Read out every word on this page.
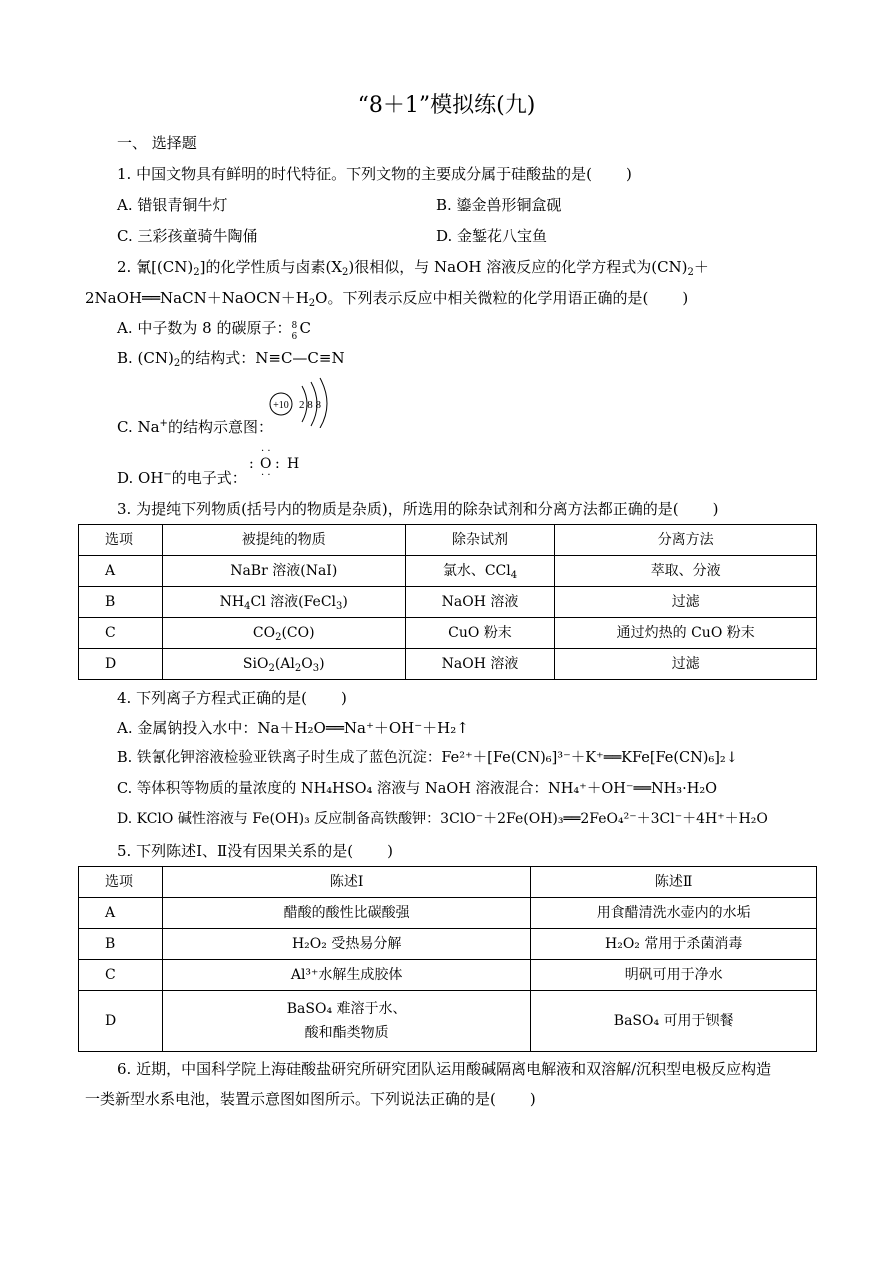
“8＋1”模拟练(九)
一、 选择题
1. 中国文物具有鲜明的时代特征。下列文物的主要成分属于硅酸盐的是( )
A. 错银青铜牛灯	B. 鎏金兽形铜盒砚
C. 三彩孩童骑牛陶俑	D. 金錾花八宝鱼
2. 氰$[(CN)_2]$的化学性质与卤素$(X_2)$很相似，与 NaOH 溶液反应的化学方程式为$(CN)_2+$
$2NaOH══NaCN+NaOCN+H_2O$。下列表示反应中相关微粒的化学用语正确的是( )
A. 中子数为 8 的碳原子： 8
6 C
B. $(CN)_2$的结构式：N≡C—C≡N
C. Na+的结构示意图：
+10 2 8 8
D. OH−的电子式：
· ·
: O : H
· ·
3. 为提纯下列物质(括号内的物质是杂质)，所选用的除杂试剂和分离方法都正确的是( )
选项	被提纯的物质	除杂试剂	分离方法
A	NaBr 溶液(NaI)	氯水、CCl$_4$	萃取、分液
B	$NH_4Cl$ 溶液(FeCl$_3$)	NaOH 溶液	过滤
C	$CO_2(CO)$	CuO 粉末	通过灼热的 CuO 粉末
D	$SiO_2(Al_2O_3)$	NaOH 溶液	过滤
4. 下列离子方程式正确的是( )
A. 金属钠投入水中：Na＋H₂O══Na⁺＋OH⁻＋H₂↑
B. 铁氰化钾溶液检验亚铁离子时生成了蓝色沉淀：Fe²⁺＋[Fe(CN)₆]³⁻＋K⁺══KFe[Fe(CN)₆]₂↓
C. 等体积等物质的量浓度的 NH₄HSO₄ 溶液与 NaOH 溶液混合：NH₄⁺＋OH⁻══NH₃·H₂O
D. KClO 碱性溶液与 Fe(OH)₃ 反应制备高铁酸钾：3ClO⁻＋2Fe(OH)₃══2FeO₄²⁻＋3Cl⁻＋4H⁺＋H₂O
5. 下列陈述Ⅰ、Ⅱ没有因果关系的是( )
选项	陈述Ⅰ	陈述Ⅱ
A	醋酸的酸性比碳酸强	用食醋清洗水壶内的水垢
B	H₂O₂ 受热易分解	H₂O₂ 常用于杀菌消毒
C	Al³⁺水解生成胶体	明矾可用于净水
D	BaSO₄ 难溶于水、
酸和酯类物质	BaSO₄ 可用于钡餐
6. 近期，中国科学院上海硅酸盐研究所研究团队运用酸碱隔离电解液和双溶解/沉积型电极反应构造
一类新型水系电池，装置示意图如图所示。下列说法正确的是( )
